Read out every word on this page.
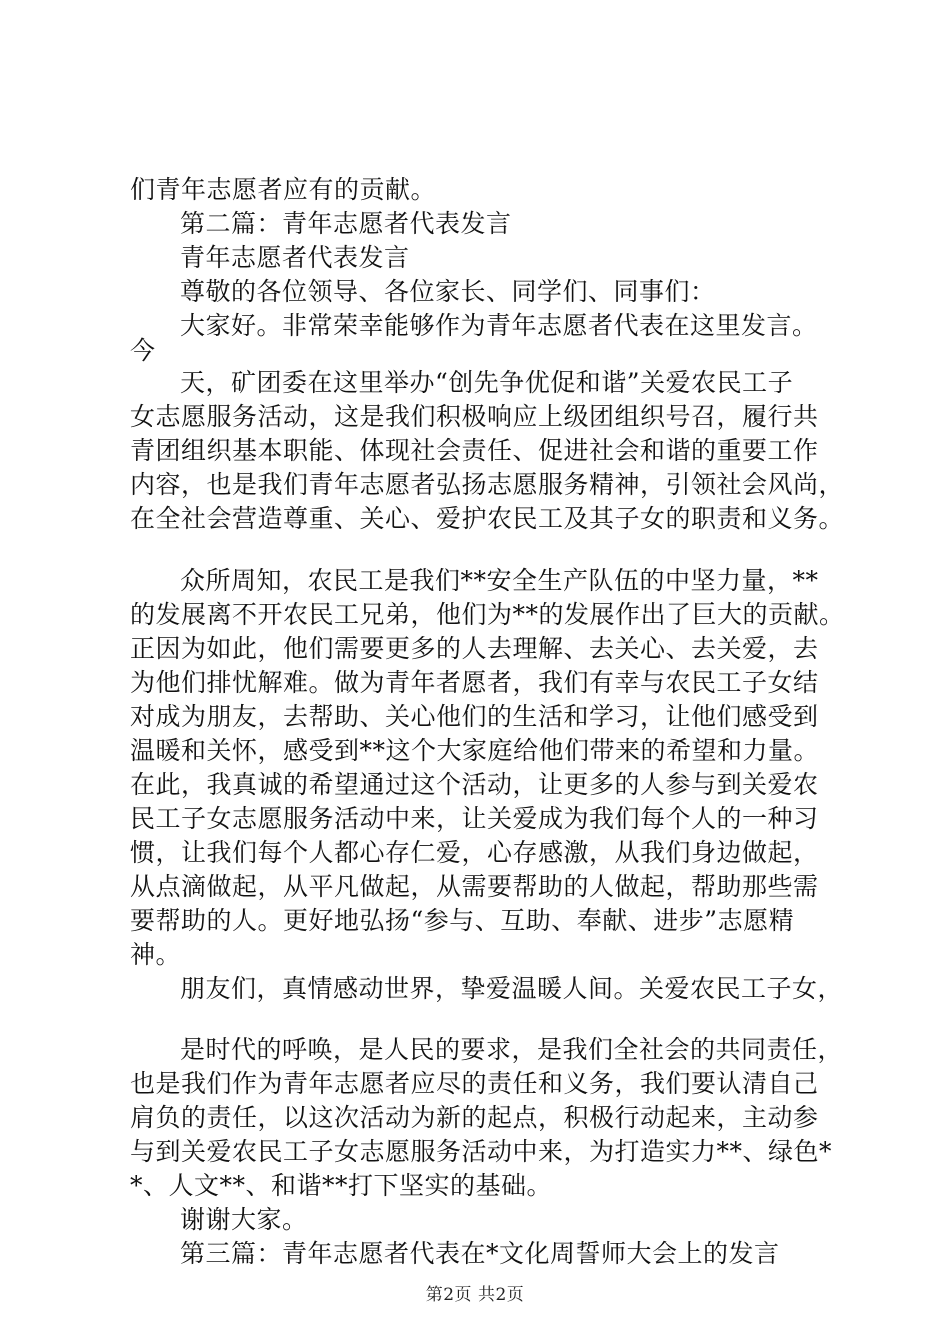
们青年志愿者应有的贡献。
第二篇：青年志愿者代表发言
青年志愿者代表发言
尊敬的各位领导、各位家长、同学们、同事们：
大家好。非常荣幸能够作为青年志愿者代表在这里发言。
今
天，矿团委在这里举办“创先争优促和谐”关爱农民工子
女志愿服务活动，这是我们积极响应上级团组织号召，履行共
青团组织基本职能、体现社会责任、促进社会和谐的重要工作
内容，也是我们青年志愿者弘扬志愿服务精神，引领社会风尚，
在全社会营造尊重、关心、爱护农民工及其子女的职责和义务。
众所周知，农民工是我们**安全生产队伍的中坚力量，**
的发展离不开农民工兄弟，他们为**的发展作出了巨大的贡献。
正因为如此，他们需要更多的人去理解、去关心、去关爱，去
为他们排忧解难。做为青年者愿者，我们有幸与农民工子女结
对成为朋友，去帮助、关心他们的生活和学习，让他们感受到
温暖和关怀，感受到**这个大家庭给他们带来的希望和力量。
在此，我真诚的希望通过这个活动，让更多的人参与到关爱农
民工子女志愿服务活动中来，让关爱成为我们每个人的一种习
惯，让我们每个人都心存仁爱，心存感激，从我们身边做起，
从点滴做起，从平凡做起，从需要帮助的人做起，帮助那些需
要帮助的人。更好地弘扬“参与、互助、奉献、进步”志愿精
神。
朋友们，真情感动世界，挚爱温暖人间。关爱农民工子女，
是时代的呼唤，是人民的要求，是我们全社会的共同责任，
也是我们作为青年志愿者应尽的责任和义务，我们要认清自己
肩负的责任，以这次活动为新的起点，积极行动起来，主动参
与到关爱农民工子女志愿服务活动中来，为打造实力**、绿色*
*、人文**、和谐**打下坚实的基础。
谢谢大家。
第三篇：青年志愿者代表在*文化周誓师大会上的发言
第2页 共2页
